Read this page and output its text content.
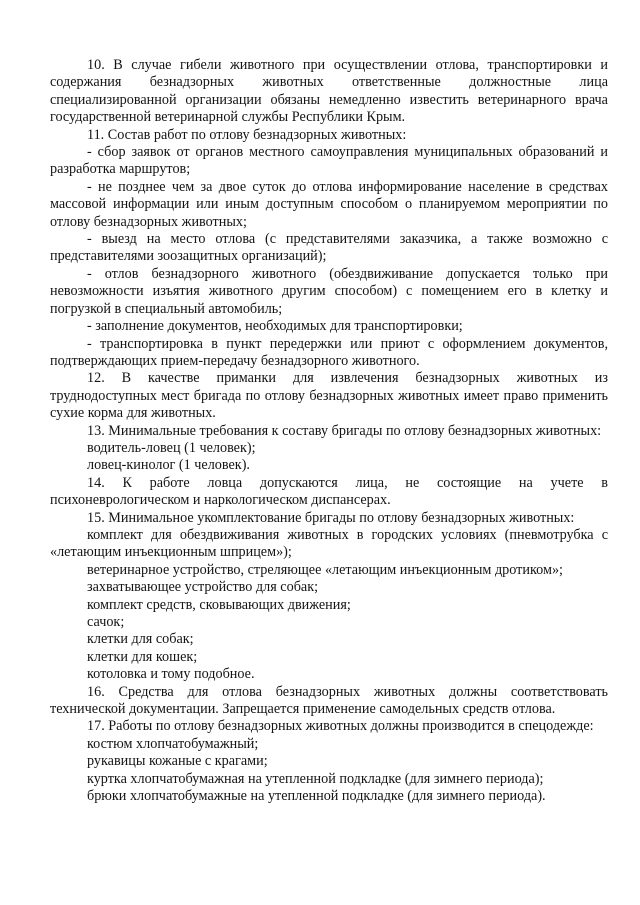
10. В случае гибели животного при осуществлении отлова, транспортировки и содержания безнадзорных животных ответственные должностные лица специализированной организации обязаны немедленно известить ветеринарного врача государственной ветеринарной службы Республики Крым.

11. Состав работ по отлову безнадзорных животных:

- сбор заявок от органов местного самоуправления муниципальных образований и разработка маршрутов;

- не позднее чем за двое суток до отлова информирование население в средствах массовой информации или иным доступным способом о планируемом мероприятии по отлову безнадзорных животных;

- выезд на место отлова (с представителями заказчика, а также возможно с представителями зоозащитных организаций);

- отлов безнадзорного животного (обездвиживание допускается только при невозможности изъятия животного другим способом) с помещением его в клетку и погрузкой в специальный автомобиль;

- заполнение документов, необходимых для транспортировки;

- транспортировка в пункт передержки или приют с оформлением документов, подтверждающих прием-передачу безнадзорного животного.

12. В качестве приманки для извлечения безнадзорных животных из труднодоступных мест бригада по отлову безнадзорных животных имеет право применить сухие корма для животных.

13. Минимальные требования к составу бригады по отлову безнадзорных животных:

водитель-ловец (1 человек);

ловец-кинолог (1 человек).

14. К работе ловца допускаются лица, не состоящие на учете в психоневрологическом и наркологическом диспансерах.

15. Минимальное укомплектование бригады по отлову безнадзорных животных:

комплект для обездвиживания животных в городских условиях (пневмотрубка с «летающим инъекционным шприцем»);

ветеринарное устройство, стреляющее «летающим инъекционным дротиком»;

захватывающее устройство для собак;

комплект средств, сковывающих движения;

сачок;

клетки для собак;

клетки для кошек;

котоловка и тому подобное.

16. Средства для отлова безнадзорных животных должны соответствовать технической документации. Запрещается применение самодельных средств отлова.

17. Работы по отлову безнадзорных животных должны производится в спецодежде:

костюм хлопчатобумажный;

рукавицы кожаные с крагами;

куртка хлопчатобумажная на утепленной подкладке (для зимнего периода);

брюки хлопчатобумажные на утепленной подкладке (для зимнего периода).
